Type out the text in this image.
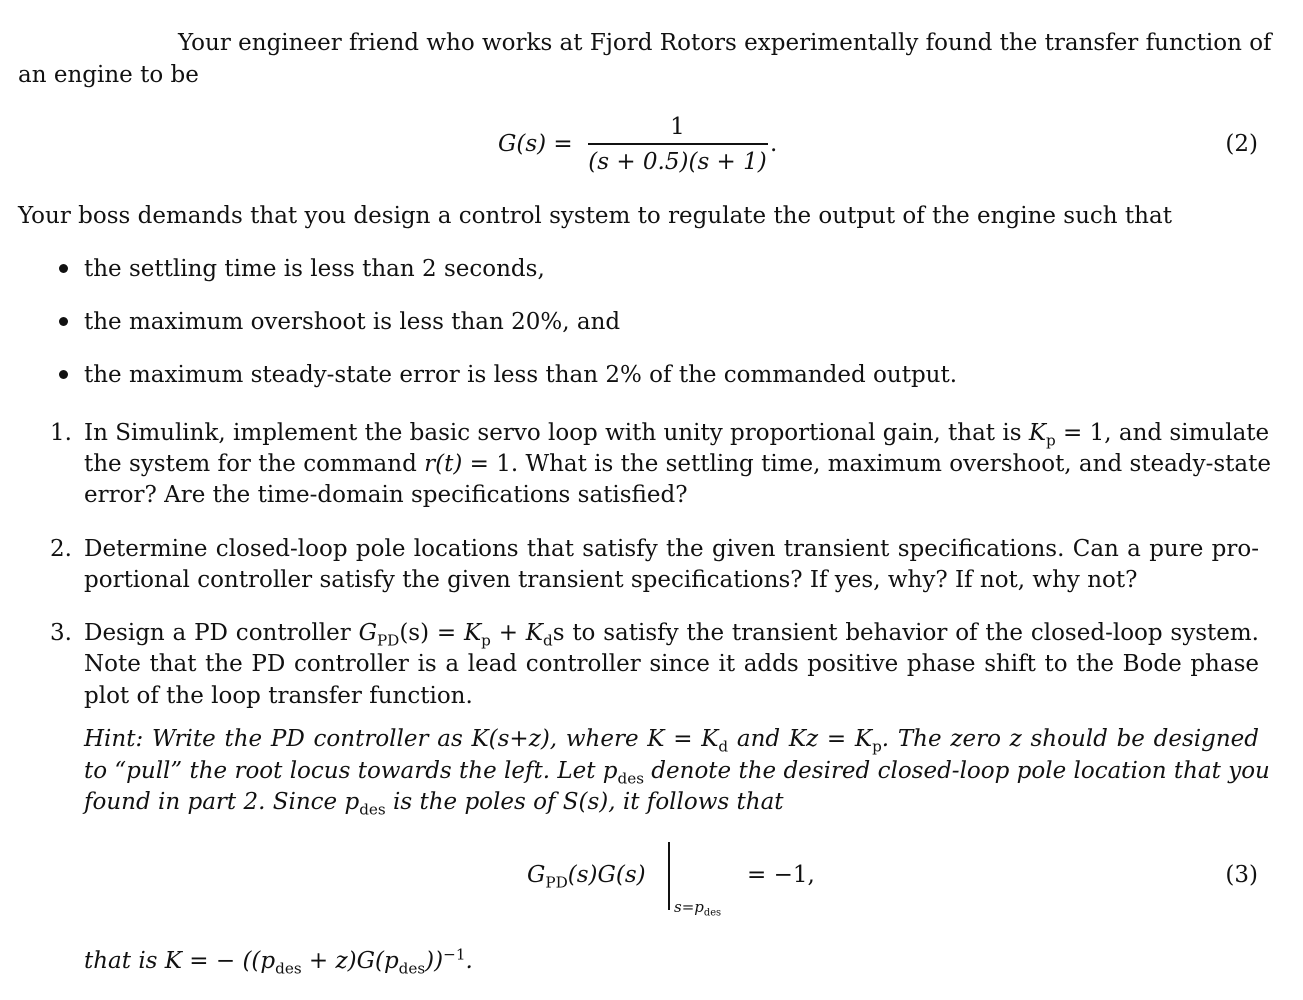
Your engineer friend who works at Fjord Rotors experimentally found the transfer function of
an engine to be
G(s) =
1
(s + 0.5)(s + 1)
.	(2)
Your boss demands that you design a control system to regulate the output of the engine such that
the settling time is less than 2 seconds,
the maximum overshoot is less than 20%, and
the maximum steady-state error is less than 2% of the commanded output.
1. In Simulink, implement the basic servo loop with unity proportional gain, that is $K_p = 1$, and simulate
the system for the command r(t) = 1. What is the settling time, maximum overshoot, and steady-state
error? Are the time-domain specifications satisfied?
2. Determine closed-loop pole locations that satisfy the given transient specifications. Can a pure pro-
portional controller satisfy the given transient specifications? If yes, why? If not, why not?
3. Design a PD controller $G_{PD}(s) = K_p + K_ds$ to satisfy the transient behavior of the closed-loop system.
Note that the PD controller is a lead controller since it adds positive phase shift to the Bode phase
plot of the loop transfer function.
Hint: Write the PD controller as K(s+z), where $K = K_d$ and $Kz = K_p$. The zero z should be designed
to “pull” the root locus towards the left. Let $p_{des}$ denote the desired closed-loop pole location that you
found in part 2. Since $p_{des}$ is the poles of S(s), it follows that
$G_{PD}(s)G(s)$
$s=p_{des}$
= −1,	(3)
that is K = − $((p_{des} + z)G(p_{des}))^{-1}$.
